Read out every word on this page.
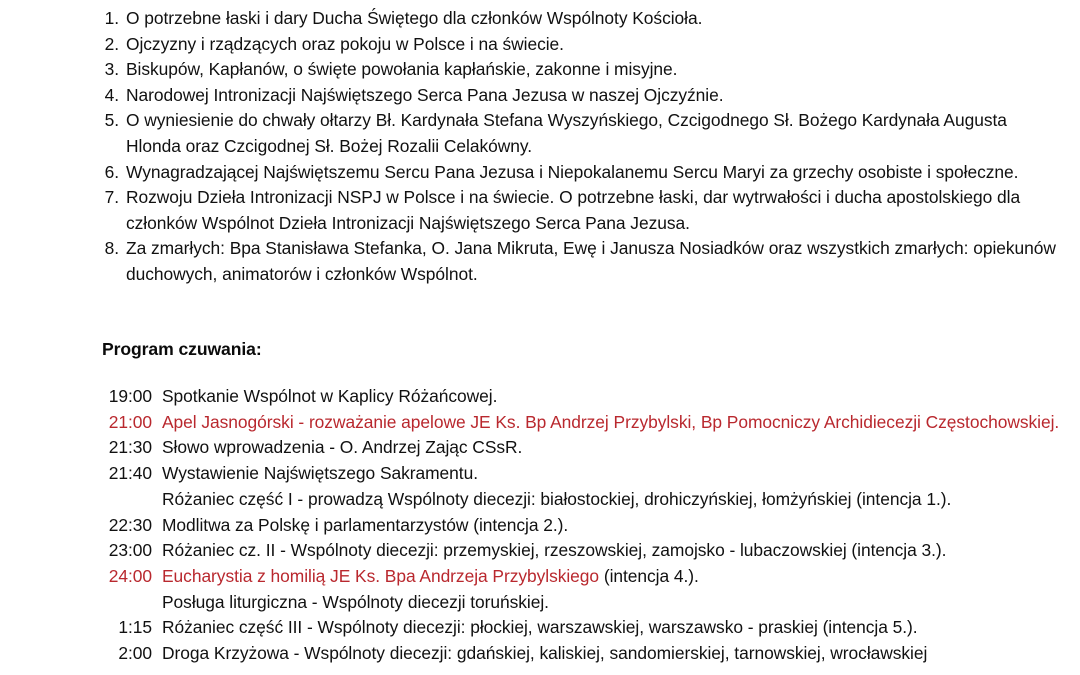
1. O potrzebne łaski i dary Ducha Świętego dla członków Wspólnoty Kościoła.
2. Ojczyzny i rządzących oraz pokoju w Polsce i na świecie.
3. Biskupów, Kapłanów, o święte powołania kapłańskie, zakonne i misyjne.
4. Narodowej Intronizacji Najświętszego Serca Pana Jezusa w naszej Ojczyźnie.
5. O wyniesienie do chwały ołtarzy Bł. Kardynała Stefana Wyszyńskiego, Czcigodnego Sł. Bożego Kardynała Augusta Hlonda oraz Czcigodnej Sł. Bożej Rozalii Celakówny.
6. Wynagradzającej Najświętszemu Sercu Pana Jezusa i Niepokalanemu Sercu Maryi za grzechy osobiste i społeczne.
7. Rozwoju Dzieła Intronizacji NSPJ w Polsce i na świecie. O potrzebne łaski, dar wytrwałości i ducha apostolskiego dla członków Wspólnot Dzieła Intronizacji Najświętszego Serca Pana Jezusa.
8. Za zmarłych: Bpa Stanisława Stefanka, O. Jana Mikruta, Ewę i Janusza Nosiadków oraz wszystkich zmarłych: opiekunów duchowych, animatorów i członków Wspólnot.
Program czuwania:
19:00 Spotkanie Wspólnot w Kaplicy Różańcowej.
21:00 Apel Jasnogórski - rozważanie apelowe JE Ks. Bp Andrzej Przybylski, Bp Pomocniczy Archidiecezji Częstochowskiej.
21:30 Słowo wprowadzenia - O. Andrzej Zając CSsR.
21:40 Wystawienie Najświętszego Sakramentu.
Różaniec część I - prowadzą Wspólnoty diecezji: białostockiej, drohiczyńskiej, łomżyńskiej (intencja 1.).
22:30 Modlitwa za Polskę i parlamentarzystów (intencja 2.).
23:00 Różaniec cz. II - Wspólnoty diecezji: przemyskiej, rzeszowskiej, zamojsko - lubaczowskiej (intencja 3.).
24:00 Eucharystia z homilią JE Ks. Bpa Andrzeja Przybylskiego (intencja 4.).
Posługa liturgiczna - Wspólnoty diecezji toruńskiej.
1:15 Różaniec część III - Wspólnoty diecezji: płockiej, warszawskiej, warszawsko - praskiej (intencja 5.).
2:00 Droga Krzyżowa - Wspólnoty diecezji: gdańskiej, kaliskiej, sandomierskiej, tarnowskiej, wrocławskiej
